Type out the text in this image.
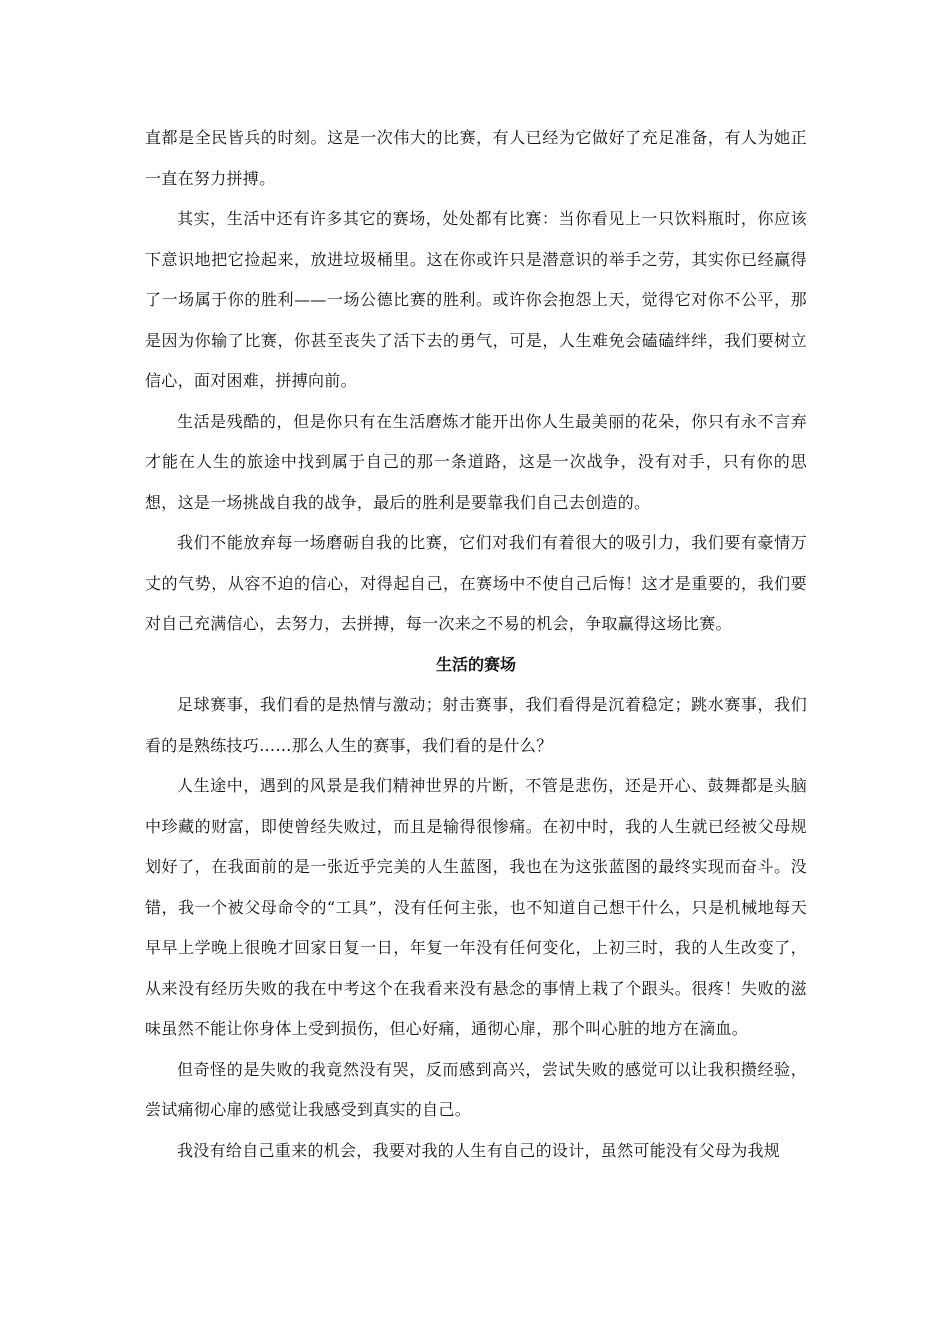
直都是全民皆兵的时刻。这是一次伟大的比赛，有人已经为它做好了充足准备，有人为她正一直在努力拼搏。

其实，生活中还有许多其它的赛场，处处都有比赛：当你看见上一只饮料瓶时，你应该下意识地把它捡起来，放进垃圾桶里。这在你或许只是潜意识的举手之劳，其实你已经赢得了一场属于你的胜利——一场公德比赛的胜利。或许你会抱怨上天，觉得它对你不公平，那是因为你输了比赛，你甚至丧失了活下去的勇气，可是，人生难免会磕磕绊绊，我们要树立信心，面对困难，拼搏向前。

生活是残酷的，但是你只有在生活磨炼才能开出你人生最美丽的花朵，你只有永不言弃才能在人生的旅途中找到属于自己的那一条道路，这是一次战争，没有对手，只有你的思想，这是一场挑战自我的战争，最后的胜利是要靠我们自己去创造的。

我们不能放弃每一场磨砺自我的比赛，它们对我们有着很大的吸引力，我们要有豪情万丈的气势，从容不迫的信心，对得起自己，在赛场中不使自己后悔！这才是重要的，我们要对自己充满信心，去努力，去拼搏，每一次来之不易的机会，争取赢得这场比赛。

生活的赛场

足球赛事，我们看的是热情与激动；射击赛事，我们看得是沉着稳定；跳水赛事，我们看的是熟练技巧……那么人生的赛事，我们看的是什么？

人生途中，遇到的风景是我们精神世界的片断，不管是悲伤，还是开心、鼓舞都是头脑中珍藏的财富，即使曾经失败过，而且是输得很惨痛。在初中时，我的人生就已经被父母规划好了，在我面前的是一张近乎完美的人生蓝图，我也在为这张蓝图的最终实现而奋斗。没错，我一个被父母命令的“工具”，没有任何主张，也不知道自己想干什么，只是机械地每天早早上学晚上很晚才回家日复一日，年复一年没有任何变化，上初三时，我的人生改变了，从来没有经历失败的我在中考这个在我看来没有悬念的事情上栽了个跟头。很疼！失败的滋味虽然不能让你身体上受到损伤，但心好痛，通彻心扉，那个叫心脏的地方在滴血。

但奇怪的是失败的我竟然没有哭，反而感到高兴，尝试失败的感觉可以让我积攒经验，尝试痛彻心扉的感觉让我感受到真实的自己。

我没有给自己重来的机会，我要对我的人生有自己的设计，虽然可能没有父母为我规
